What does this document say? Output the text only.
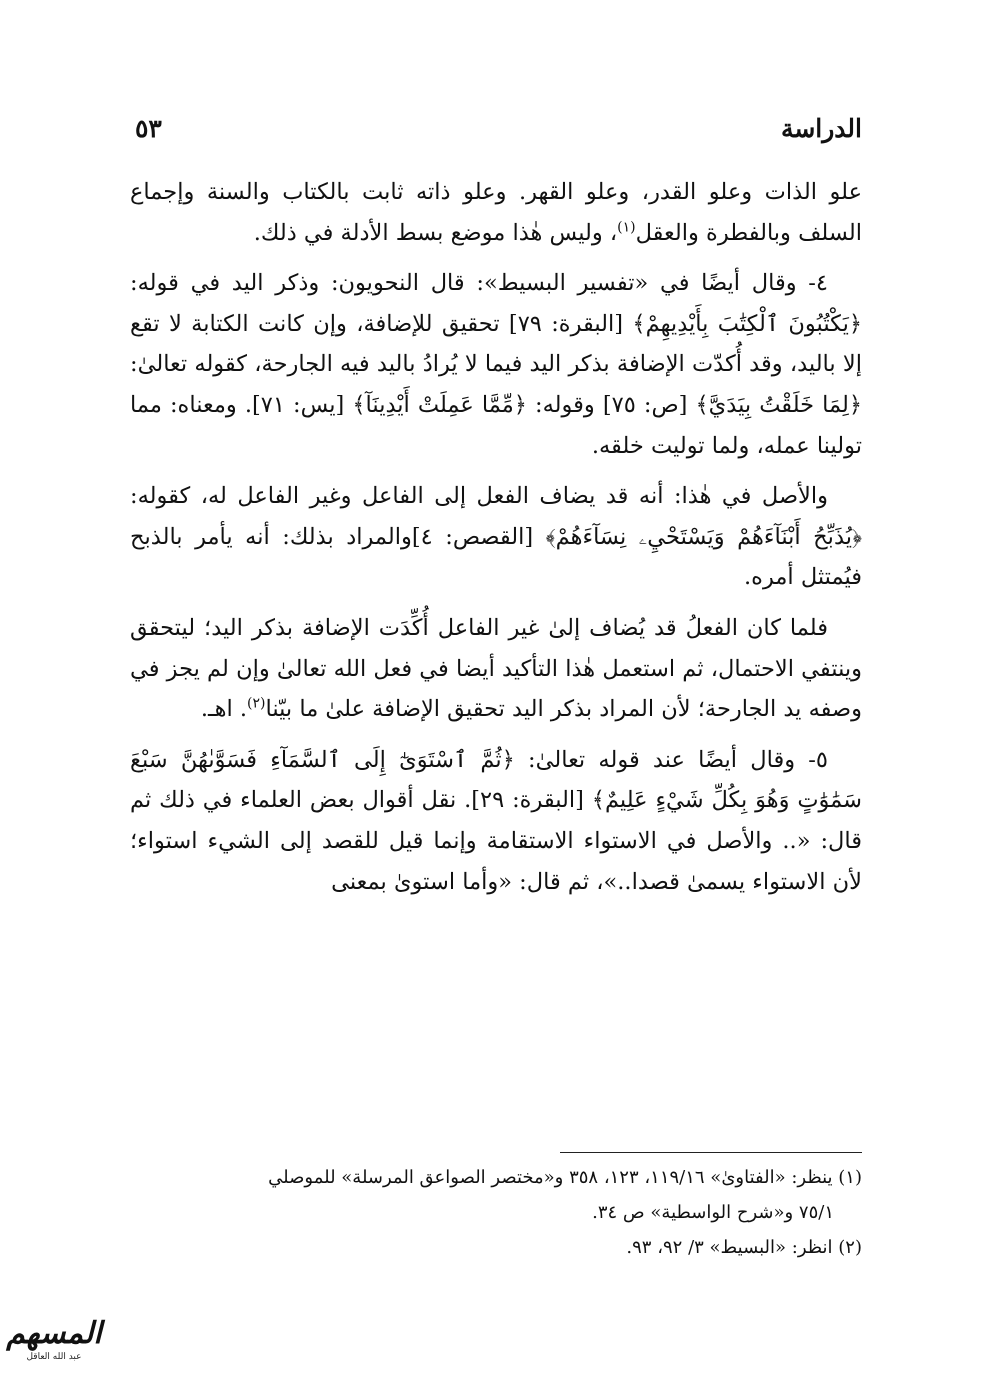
الدراسة
٥٣

علو الذات وعلو القدر، وعلو القهر. وعلو ذاته ثابت بالكتاب والسنة وإجماع السلف وبالفطرة والعقل$^{(١)}$، وليس هٰذا موضع بسط الأدلة في ذلك.

٤- وقال أيضًا في «تفسير البسيط»: قال النحويون: وذكر اليد في قوله: ﴿يَكْتُبُونَ ٱلْكِتَٰبَ بِأَيْدِيهِمْ﴾ [البقرة: ٧٩] تحقيق للإضافة، وإن كانت الكتابة لا تقع إلا باليد، وقد أُكدّت الإضافة بذكر اليد فيما لا يُرادُ باليد فيه الجارحة، كقوله تعالىٰ: ﴿لِمَا خَلَقْتُ بِيَدَيَّ﴾ [ص: ٧٥] وقوله: ﴿مِّمَّا عَمِلَتْ أَيْدِينَآ﴾ [يس: ٧١]. ومعناه: مما تولينا عمله، ولما توليت خلقه.

والأصل في هٰذا: أنه قد يضاف الفعل إلى الفاعل وغير الفاعل له، كقوله: ﴿يُذَبِّحُ أَبْنَآءَهُمْ وَيَسْتَحْيِۦ نِسَآءَهُمْ﴾ [القصص: ٤]والمراد بذلك: أنه يأمر بالذبح فيُمتثل أمره.

فلما كان الفعلُ قد يُضاف إلىٰ غير الفاعل أُكِّدَت الإضافة بذكر اليد؛ ليتحقق وينتفي الاحتمال، ثم استعمل هٰذا التأكيد أيضا في فعل الله تعالىٰ وإن لم يجز في وصفه يد الجارحة؛ لأن المراد بذكر اليد تحقيق الإضافة علىٰ ما بيّنا$^{(٢)}$. اهـ.

٥- وقال أيضًا عند قوله تعالىٰ: ﴿ثُمَّ ٱسْتَوَىٰٓ إِلَى ٱلسَّمَآءِ فَسَوَّىٰهُنَّ سَبْعَ سَمَٰوَٰتٍ وَهُوَ بِكُلِّ شَيْءٍ عَلِيمٌ﴾ [البقرة: ٢٩]. نقل أقوال بعض العلماء في ذلك ثم قال: «.. والأصل في الاستواء الاستقامة وإنما قيل للقصد إلى الشيء استواء؛ لأن الاستواء يسمىٰ قصدا..»، ثم قال: «وأما استوىٰ بمعنى

(١) ينظر: «الفتاوىٰ» ١١٩/١٦، ١٢٣، ٣٥٨ و«مختصر الصواعق المرسلة» للموصلي

٧٥/١ و«شرح الواسطية» ص ٣٤.

(٢) انظر: «البسيط» ٣/ ٩٢، ٩٣.

المسهم
عبد الله العاقل
